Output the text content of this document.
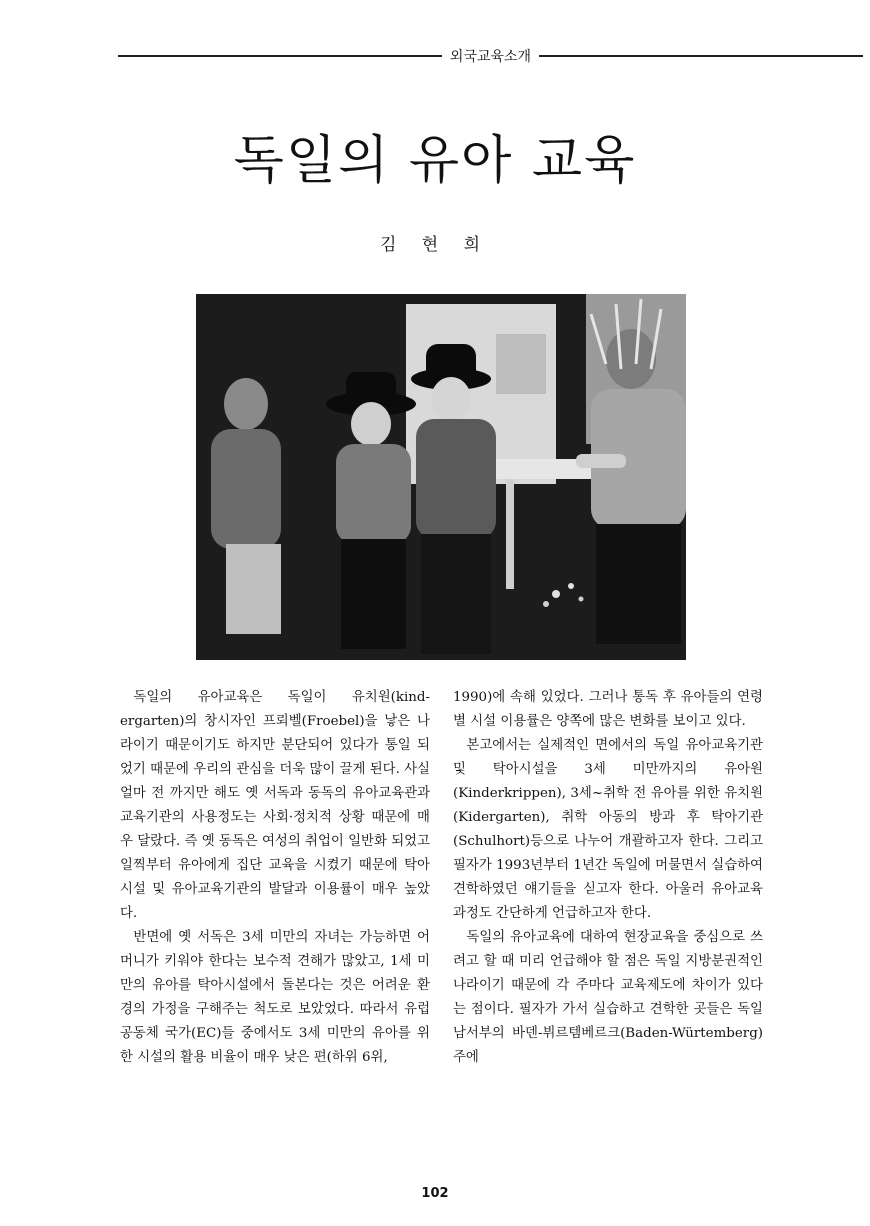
외국교육소개
독일의 유아 교육
김 현 희

독일의 유아교육은 독일이 유치원(kind-ergarten)의 창시자인 프뢰벨(Froebel)을 낳은 나라이기 때문이기도 하지만 분단되어 있다가 통일 되었기 때문에 우리의 관심을 더욱 많이 끌게 된다. 사실 얼마 전 까지만 해도 옛 서독과 동독의 유아교육관과 교육기관의 사용정도는 사회·정치적 상황 때문에 매우 달랐다. 즉 옛 동독은 여성의 취업이 일반화 되었고 일찍부터 유아에게 집단 교육을 시켰기 때문에 탁아시설 및 유아교육기관의 발달과 이용률이 매우 높았다.

반면에 옛 서독은 3세 미만의 자녀는 가능하면 어머니가 키워야 한다는 보수적 견해가 많았고, 1세 미만의 유아를 탁아시설에서 돌본다는 것은 어려운 환경의 가정을 구해주는 척도로 보았었다. 따라서 유럽공동체 국가(EC)들 중에서도 3세 미만의 유아를 위한 시설의 활용 비율이 매우 낮은 편(하위 6위,

1990)에 속해 있었다. 그러나 통독 후 유아들의 연령별 시설 이용률은 양쪽에 많은 변화를 보이고 있다.

본고에서는 실제적인 면에서의 독일 유아교육기관 및 탁아시설을 3세 미만까지의 유아원(Kinderkrippen), 3세~취학 전 유아를 위한 유치원(Kidergarten), 취학 아동의 방과 후 탁아기관(Schulhort)등으로 나누어 개괄하고자 한다. 그리고 필자가 1993년부터 1년간 독일에 머물면서 실습하여 견학하였던 얘기들을 싣고자 한다. 아울러 유아교육과정도 간단하게 언급하고자 한다.

독일의 유아교육에 대하여 현장교육을 중심으로 쓰려고 할 때 미리 언급해야 할 점은 독일 지방분권적인 나라이기 때문에 각 주마다 교육제도에 차이가 있다는 점이다. 필자가 가서 실습하고 견학한 곳들은 독일 남서부의 바덴-뷔르템베르크(Baden-Würtemberg)주에

102
